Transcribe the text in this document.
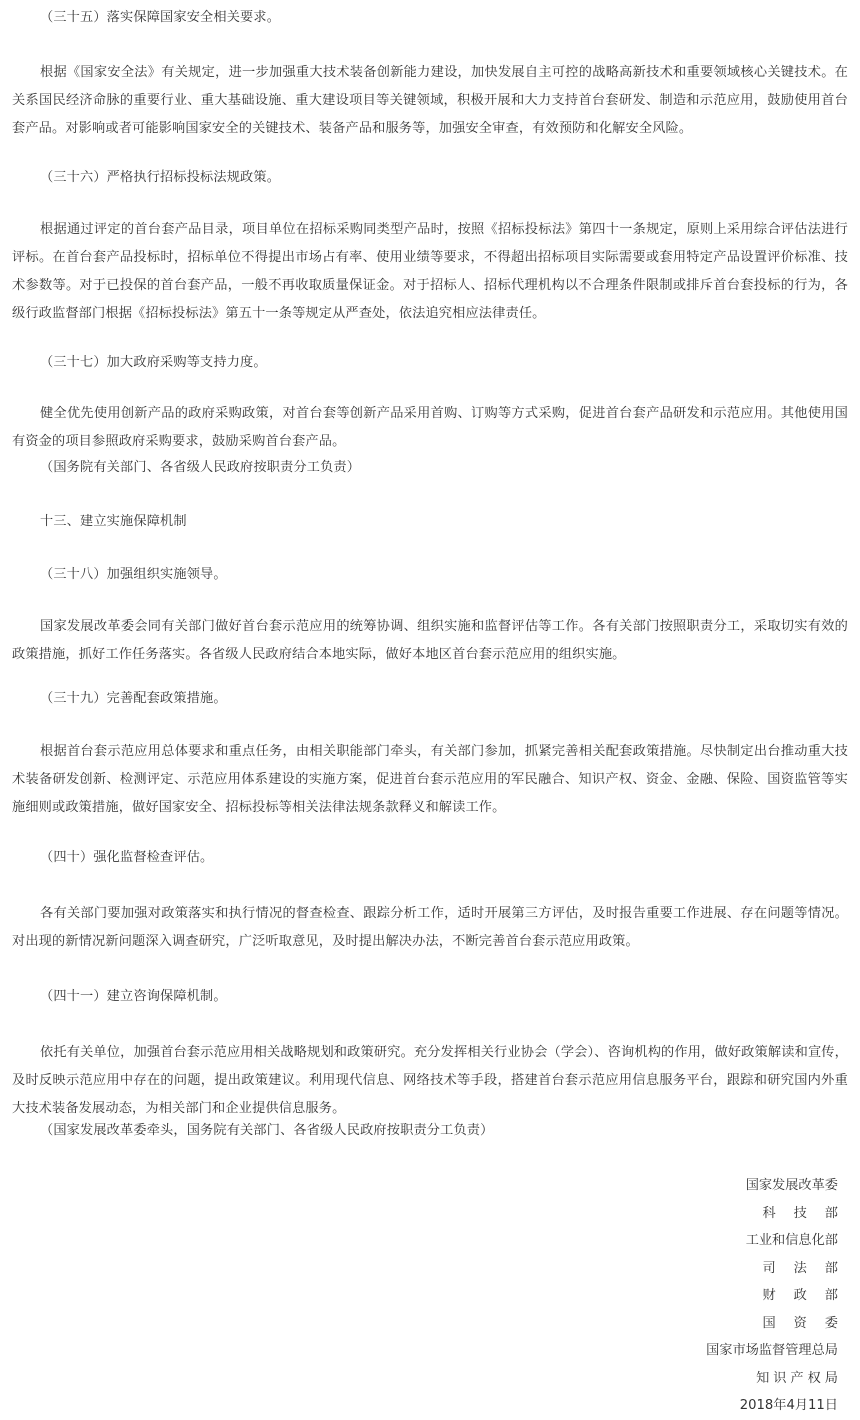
（三十五）落实保障国家安全相关要求。

根据《国家安全法》有关规定，进一步加强重大技术装备创新能力建设，加快发展自主可控的战略高新技术和重要领域核心关键技术。在关系国民经济命脉的重要行业、重大基础设施、重大建设项目等关键领域，积极开展和大力支持首台套研发、制造和示范应用，鼓励使用首台套产品。对影响或者可能影响国家安全的关键技术、装备产品和服务等，加强安全审查，有效预防和化解安全风险。

（三十六）严格执行招标投标法规政策。

根据通过评定的首台套产品目录，项目单位在招标采购同类型产品时，按照《招标投标法》第四十一条规定，原则上采用综合评估法进行评标。在首台套产品投标时，招标单位不得提出市场占有率、使用业绩等要求，不得超出招标项目实际需要或套用特定产品设置评价标准、技术参数等。对于已投保的首台套产品，一般不再收取质量保证金。对于招标人、招标代理机构以不合理条件限制或排斥首台套投标的行为，各级行政监督部门根据《招标投标法》第五十一条等规定从严查处，依法追究相应法律责任。

（三十七）加大政府采购等支持力度。

健全优先使用创新产品的政府采购政策，对首台套等创新产品采用首购、订购等方式采购，促进首台套产品研发和示范应用。其他使用国有资金的项目参照政府采购要求，鼓励采购首台套产品。

（国务院有关部门、各省级人民政府按职责分工负责）

十三、建立实施保障机制

（三十八）加强组织实施领导。

国家发展改革委会同有关部门做好首台套示范应用的统筹协调、组织实施和监督评估等工作。各有关部门按照职责分工，采取切实有效的政策措施，抓好工作任务落实。各省级人民政府结合本地实际，做好本地区首台套示范应用的组织实施。

（三十九）完善配套政策措施。

根据首台套示范应用总体要求和重点任务，由相关职能部门牵头，有关部门参加，抓紧完善相关配套政策措施。尽快制定出台推动重大技术装备研发创新、检测评定、示范应用体系建设的实施方案，促进首台套示范应用的军民融合、知识产权、资金、金融、保险、国资监管等实施细则或政策措施，做好国家安全、招标投标等相关法律法规条款释义和解读工作。

（四十）强化监督检查评估。

各有关部门要加强对政策落实和执行情况的督查检查、跟踪分析工作，适时开展第三方评估，及时报告重要工作进展、存在问题等情况。对出现的新情况新问题深入调查研究，广泛听取意见，及时提出解决办法，不断完善首台套示范应用政策。

（四十一）建立咨询保障机制。

依托有关单位，加强首台套示范应用相关战略规划和政策研究。充分发挥相关行业协会（学会）、咨询机构的作用，做好政策解读和宣传，及时反映示范应用中存在的问题，提出政策建议。利用现代信息、网络技术等手段，搭建首台套示范应用信息服务平台，跟踪和研究国内外重大技术装备发展动态，为相关部门和企业提供信息服务。

（国家发展改革委牵头，国务院有关部门、各省级人民政府按职责分工负责）

国家发展改革委
科技部
工业和信息化部
司法部
财政部
国资委
国家市场监督管理总局
知识产权局
2018年4月11日
